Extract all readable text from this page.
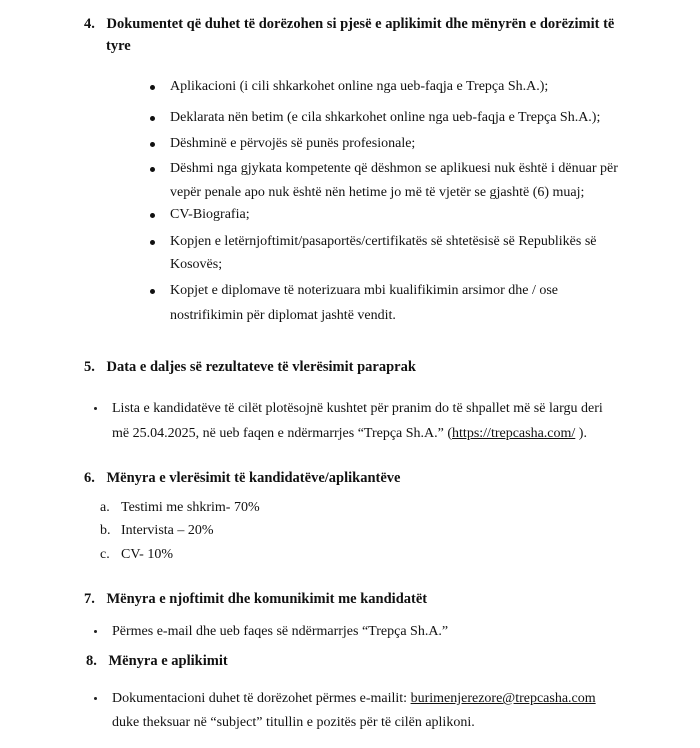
4. Dokumentet që duhet të dorëzohen si pjesë e aplikimit dhe mënyrën e dorëzimit të
tyre
Aplikacioni (i cili shkarkohet online nga ueb-faqja e Trepça Sh.A.);
Deklarata nën betim (e cila shkarkohet online nga ueb-faqja e Trepça Sh.A.);
Dëshminë e përvojës së punës profesionale;
Dëshmi nga gjykata kompetente që dëshmon se aplikuesi nuk është i dënuar për
vepër penale apo nuk është nën hetime jo më të vjetër se gjashtë (6) muaj;
CV-Biografia;
Kopjen e letërnjoftimit/pasaportës/certifikatës së shtetësisë së Republikës së
Kosovës;
Kopjet e diplomave të noterizuara mbi kualifikimin arsimor dhe / ose
nostrifikimin për diplomat jashtë vendit.
5. Data e daljes së rezultateve të vlerësimit paraprak
Lista e kandidatëve të cilët plotësojnë kushtet për pranim do të shpallet më së largu deri
më 25.04.2025, në ueb faqen e ndërmarrjes “Trepça Sh.A.” (https://trepcasha.com/ ).
6. Mënyra e vlerësimit të kandidatëve/aplikantëve
a. Testimi me shkrim- 70%
b. Intervista – 20%
c. CV- 10%
7. Mënyra e njoftimit dhe komunikimit me kandidatët
Përmes e-mail dhe ueb faqes së ndërmarrjes “Trepça Sh.A.”
8. Mënyra e aplikimit
Dokumentacioni duhet të dorëzohet përmes e-mailit: burimenjerezore@trepcasha.com
duke theksuar në “subject” titullin e pozitës për të cilën aplikoni.
